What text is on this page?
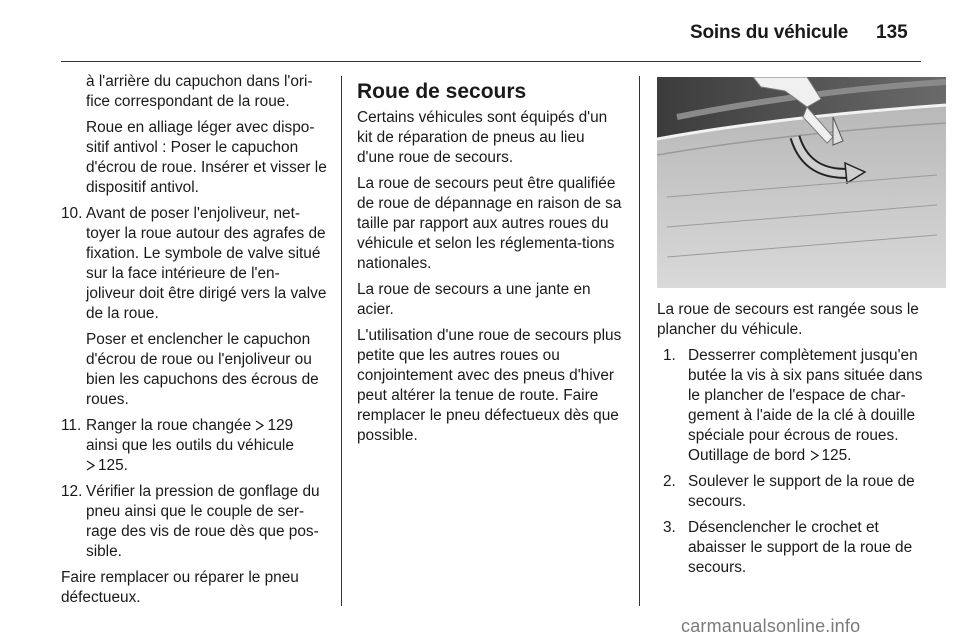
Soins du véhicule 135

à l'arrière du capuchon dans l'ori-fice correspondant de la roue.

Roue en alliage léger avec dispo-sitif antivol : Poser le capuchon d'écrou de roue. Insérer et visser le dispositif antivol.

10. Avant de poser l'enjoliveur, net-toyer la roue autour des agrafes de fixation. Le symbole de valve situé sur la face intérieure de l'en-joliveur doit être dirigé vers la valve de la roue.

Poser et enclencher le capuchon d'écrou de roue ou l'enjoliveur ou bien les capuchons des écrous de roues.

11. Ranger la roue changée 129 ainsi que les outils du véhicule
125.
12. Vérifier la pression de gonflage du pneu ainsi que le couple de ser-rage des vis de roue dès que pos-sible.

Faire remplacer ou réparer le pneu défectueux.

Roue de secours

Certains véhicules sont équipés d'un kit de réparation de pneus au lieu d'une roue de secours.

La roue de secours peut être qualifiée de roue de dépannage en raison de sa taille par rapport aux autres roues du véhicule et selon les réglementa-tions nationales.

La roue de secours a une jante en acier.

L'utilisation d'une roue de secours plus petite que les autres roues ou conjointement avec des pneus d'hiver peut altérer la tenue de route. Faire remplacer le pneu défectueux dès que possible.

La roue de secours est rangée sous le plancher du véhicule.

1. Desserrer complètement jusqu'en butée la vis à six pans située dans le plancher de l'espace de char-gement à l'aide de la clé à douille spéciale pour écrous de roues. Outillage de bord 125.
2. Soulever le support de la roue de secours.
3. Désenclencher le crochet et abaisser le support de la roue de secours.
carmanualsonline.info
